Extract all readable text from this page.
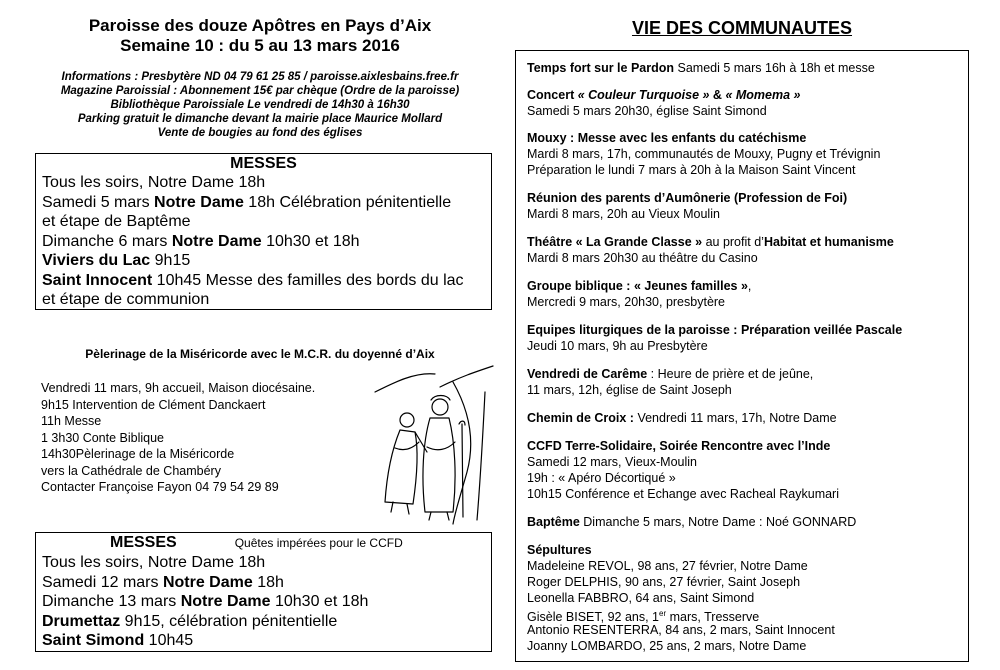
Paroisse des douze Apôtres en Pays d’Aix
Semaine 10 : du 5 au 13 mars 2016
Informations : Presbytère ND 04 79 61 25 85 / paroisse.aixlesbains.free.fr
Magazine Paroissial : Abonnement 15€ par chèque (Ordre de la paroisse)
Bibliothèque Paroissiale Le vendredi de 14h30 à 16h30
Parking gratuit le dimanche devant la mairie place Maurice Mollard
Vente de bougies au fond des églises
MESSES
Tous les soirs, Notre Dame 18h
Samedi 5 mars Notre Dame 18h Célébration pénitentielle
et étape de Baptême
Dimanche 6 mars Notre Dame 10h30 et 18h
Viviers du Lac 9h15
Saint Innocent 10h45 Messe des familles des bords du lac
et étape de communion
Pèlerinage de la Miséricorde avec le M.C.R. du doyenné d’Aix
Vendredi 11 mars, 9h accueil, Maison diocésaine.
9h15 Intervention de Clément Danckaert
11h Messe
1 3h30 Conte Biblique
14h30Pèlerinage de la Miséricorde
vers la Cathédrale de Chambéry
Contacter Françoise Fayon 04 79 54 29 89
MESSES	Quêtes impérées pour le CCFD
Tous les soirs, Notre Dame 18h
Samedi 12 mars Notre Dame 18h
Dimanche 13 mars Notre Dame 10h30 et 18h
Drumettaz 9h15, célébration pénitentielle
Saint Simond 10h45
VIE DES COMMUNAUTES
Temps fort sur le Pardon Samedi 5 mars 16h à 18h et messe
Concert « Couleur Turquoise » & « Momema »
Samedi 5 mars 20h30, église Saint Simond
Mouxy : Messe avec les enfants du catéchisme
Mardi 8 mars, 17h, communautés de Mouxy, Pugny et Trévignin
Préparation le lundi 7 mars à 20h à la Maison Saint Vincent
Réunion des parents d’Aumônerie (Profession de Foi)
Mardi 8 mars, 20h au Vieux Moulin
Théâtre « La Grande Classe » au profit d’Habitat et humanisme
Mardi 8 mars 20h30 au théâtre du Casino
Groupe biblique : « Jeunes familles »,
Mercredi 9 mars, 20h30, presbytère
Equipes liturgiques de la paroisse : Préparation veillée Pascale
Jeudi 10 mars, 9h au Presbytère
Vendredi de Carême : Heure de prière et de jeûne,
11 mars, 12h, église de Saint Joseph
Chemin de Croix : Vendredi 11 mars, 17h, Notre Dame
CCFD Terre-Solidaire, Soirée Rencontre avec l’Inde
Samedi 12 mars, Vieux-Moulin
19h : « Apéro Décortiqué »
10h15 Conférence et Echange avec Racheal Raykumari
Baptême Dimanche 5 mars, Notre Dame : Noé GONNARD
Sépultures
Madeleine REVOL, 98 ans, 27 février, Notre Dame
Roger DELPHIS, 90 ans, 27 février, Saint Joseph
Leonella FABBRO, 64 ans, Saint Simond
Gisèle BISET, 92 ans, 1er mars, Tresserve
Antonio RESENTERRA, 84 ans, 2 mars, Saint Innocent
Joanny LOMBARDO, 25 ans, 2 mars, Notre Dame
